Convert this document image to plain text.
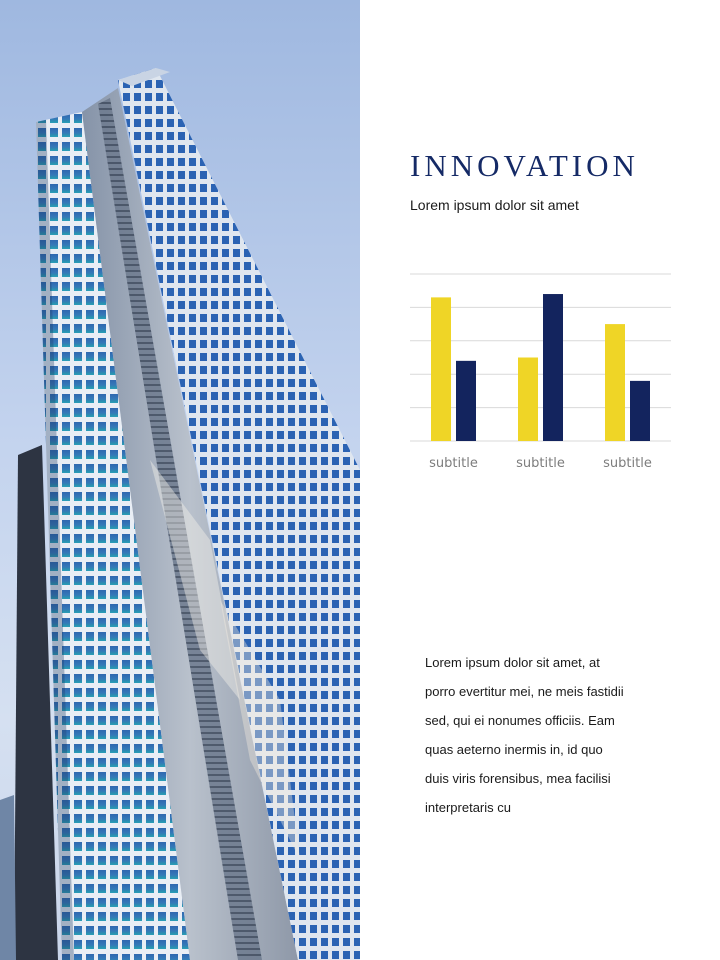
INNOVATION
Lorem ipsum dolor sit amet
subtitle	subtitle	subtitle

Lorem ipsum dolor sit amet, at

porro evertitur mei, ne meis fastidii

sed, qui ei nonumes officiis. Eam

quas aeterno inermis in, id quo

duis viris forensibus, mea facilisi

interpretaris cu
